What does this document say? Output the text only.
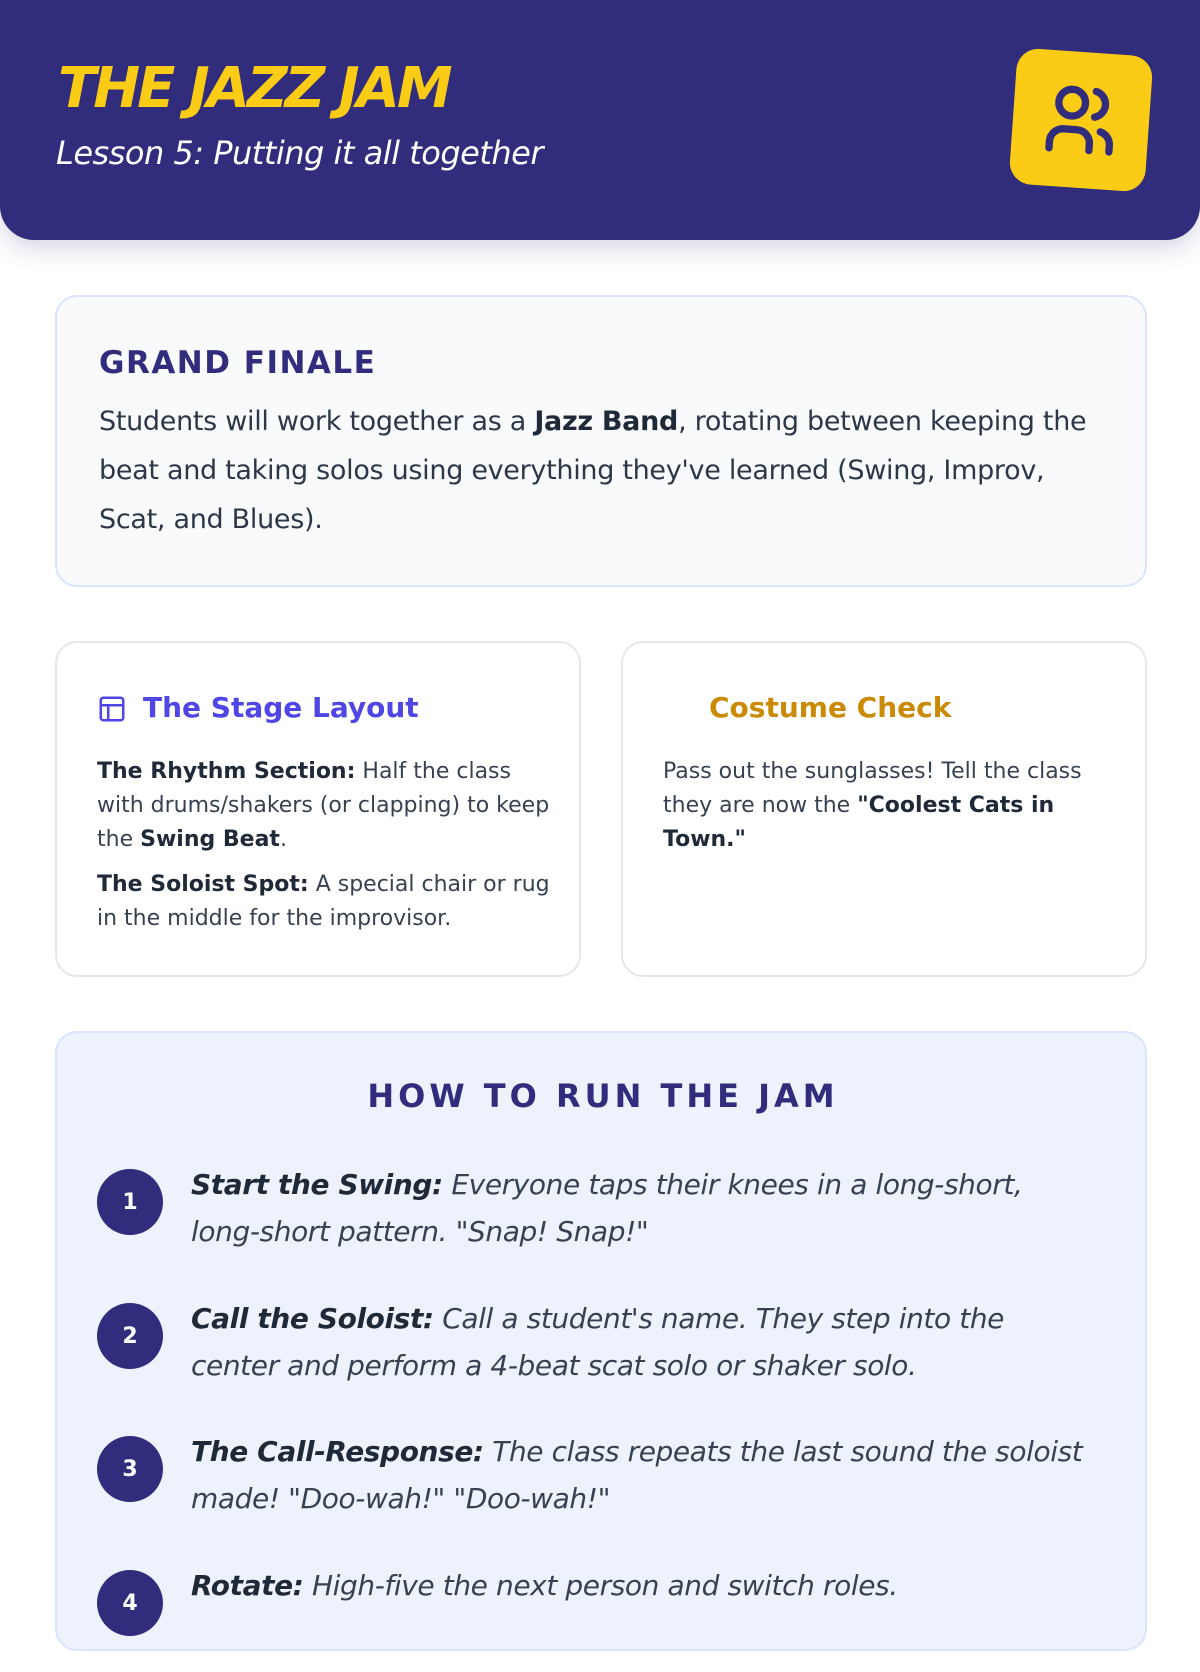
THE JAZZ JAM
Lesson 5: Putting it all together
GRAND FINALE
Students will work together as a Jazz Band, rotating between keeping the beat and taking solos using everything they've learned (Swing, Improv, Scat, and Blues).
The Stage Layout
The Rhythm Section: Half the class with drums/shakers (or clapping) to keep the Swing Beat.
The Soloist Spot: A special chair or rug in the middle for the improvisor.
Costume Check
Pass out the sunglasses! Tell the class they are now the "Coolest Cats in Town."
HOW TO RUN THE JAM
1
Start the Swing: Everyone taps their knees in a long-short, long-short pattern. "Snap! Snap!"
2
Call the Soloist: Call a student's name. They step into the center and perform a 4-beat scat solo or shaker solo.
3
The Call-Response: The class repeats the last sound the soloist made! "Doo-wah!" "Doo-wah!"
4
Rotate: High-five the next person and switch roles.
